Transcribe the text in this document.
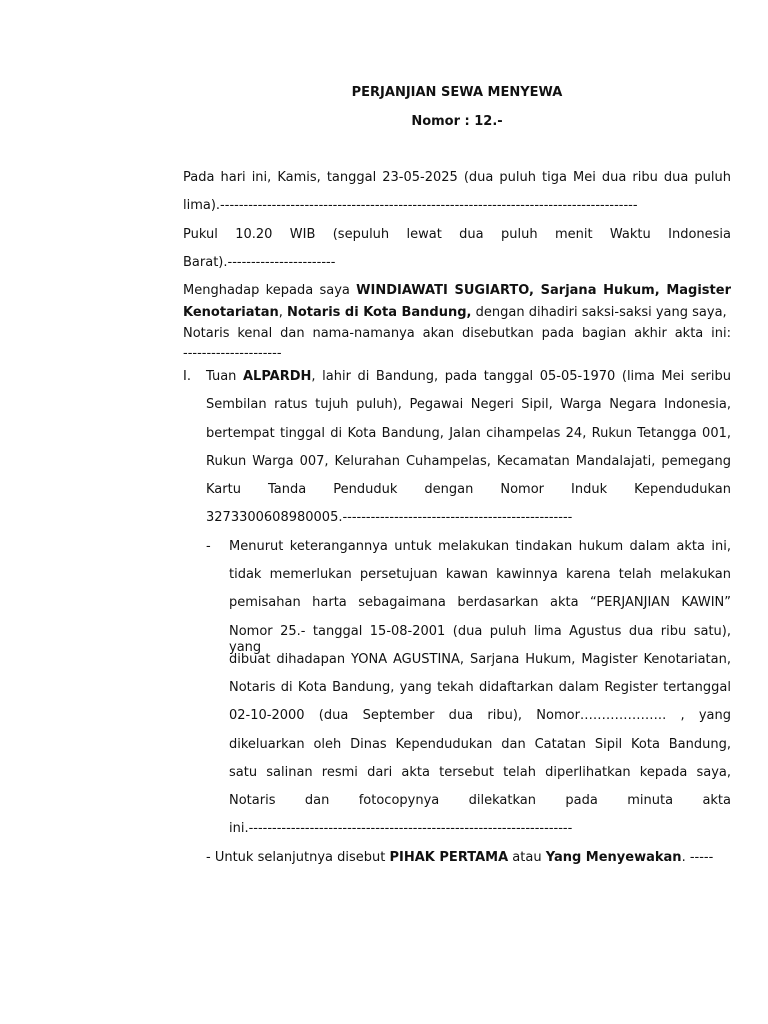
PERJANJIAN SEWA MENYEWA
Nomor : 12.-
Pada hari ini, Kamis, tanggal 23-05-2025 (dua puluh tiga Mei dua ribu dua puluh
lima).-----------------------------------------------------------------------------------------
Pukul 10.20 WIB (sepuluh lewat dua puluh menit Waktu Indonesia
Barat).-----------------------
Menghadap kepada saya WINDIAWATI SUGIARTO, Sarjana Hukum, Magister
Kenotariatan, Notaris di Kota Bandung, dengan dihadiri saksi-saksi yang saya,
Notaris kenal dan nama-namanya akan disebutkan pada bagian akhir akta ini:
---------------------
I. Tuan ALPARDH, lahir di Bandung, pada tanggal 05-05-1970 (lima Mei seribu
Sembilan ratus tujuh puluh), Pegawai Negeri Sipil, Warga Negara Indonesia,
bertempat tinggal di Kota Bandung, Jalan cihampelas 24, Rukun Tetangga 001,
Rukun Warga 007, Kelurahan Cuhampelas, Kecamatan Mandalajati, pemegang
Kartu Tanda Penduduk dengan Nomor Induk Kependudukan
3273300608980005.-------------------------------------------------
- Menurut keterangannya untuk melakukan tindakan hukum dalam akta ini,
tidak memerlukan persetujuan kawan kawinnya karena telah melakukan
pemisahan harta sebagaimana berdasarkan akta “PERJANJIAN KAWIN”
Nomor 25.- tanggal 15-08-2001 (dua puluh lima Agustus dua ribu satu), yang
dibuat dihadapan YONA AGUSTINA, Sarjana Hukum, Magister Kenotariatan,
Notaris di Kota Bandung, yang tekah didaftarkan dalam Register tertanggal
02-10-2000 (dua September dua ribu), Nomor……………….. , yang
dikeluarkan oleh Dinas Kependudukan dan Catatan Sipil Kota Bandung,
satu salinan resmi dari akta tersebut telah diperlihatkan kepada saya,
Notaris dan fotocopynya dilekatkan pada minuta akta
ini.---------------------------------------------------------------------
- Untuk selanjutnya disebut PIHAK PERTAMA atau Yang Menyewakan. -----
